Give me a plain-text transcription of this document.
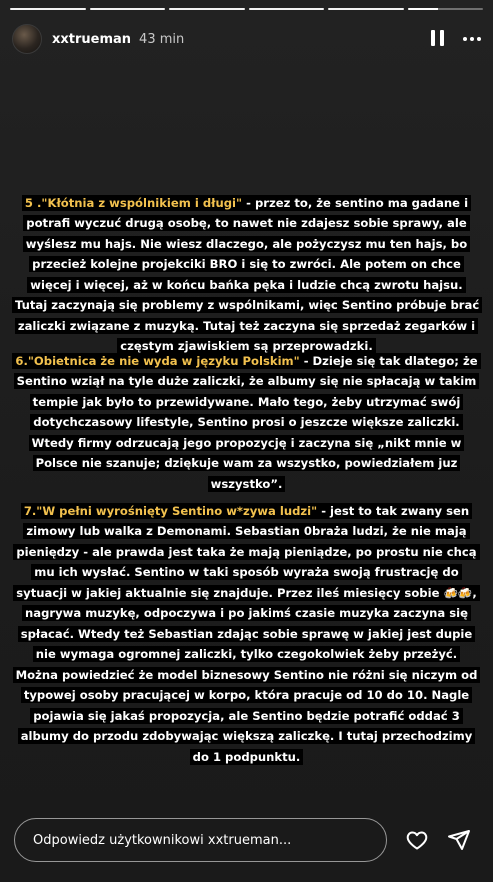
xxtrueman 43 min
5 ."Kłótnia z wspólnikiem i długi" - przez to, że sentino ma gadane i potrafi wyczuć drugą osobę, to nawet nie zdajesz sobie sprawy, ale wyślesz mu hajs. Nie wiesz dlaczego, ale pożyczysz mu ten hajs, bo przecież kolejne projekciki BRO i się to zwróci. Ale potem on chce więcej i więcej, aż w końcu bańka pęka i ludzie chcą zwrotu hajsu. Tutaj zaczynają się problemy z wspólnikami, więc Sentino próbuje brać zaliczki związane z muzyką. Tutaj też zaczyna się sprzedaż zegarków i częstym zjawiskiem są przeprowadzki.
6."Obietnica że nie wyda w języku Polskim" - Dzieje się tak dlatego; że Sentino wziął na tyle duże zaliczki, że albumy się nie spłacają w takim tempie jak było to przewidywane. Mało tego, żeby utrzymać swój dotychczasowy lifestyle, Sentino prosi o jeszcze większe zaliczki. Wtedy firmy odrzucają jego propozycję i zaczyna się „nikt mnie w Polsce nie szanuje; dziękuje wam za wszystko, powiedziałem juz wszystko”.
7."W pełni wyrośnięty Sentino w*zywa ludzi" - jest to tak zwany sen zimowy lub walka z Demonami. Sebastian 0braża ludzi, że nie mają pieniędzy - ale prawda jest taka że mają pieniądze, po prostu nie chcą mu ich wysłać. Sentino w taki sposób wyraża swoją frustrację do sytuacji w jakiej aktualnie się znajduje. Przez ileś miesięcy sobie 🍻🍻, nagrywa muzykę, odpoczywa i po jakimś czasie muzyka zaczyna się spłacać. Wtedy też Sebastian zdając sobie sprawę w jakiej jest dupie nie wymaga ogromnej zaliczki, tylko czegokolwiek żeby przeżyć. Można powiedzieć że model biznesowy Sentino nie różni się niczym od typowej osoby pracującej w korpo, która pracuje od 10 do 10. Nagle pojawia się jakaś propozycja, ale Sentino będzie potrafić oddać 3 albumy do przodu zdobywając większą zaliczkę. I tutaj przechodzimy do 1 podpunktu.
Odpowiedz użytkownikowi xxtrueman...
